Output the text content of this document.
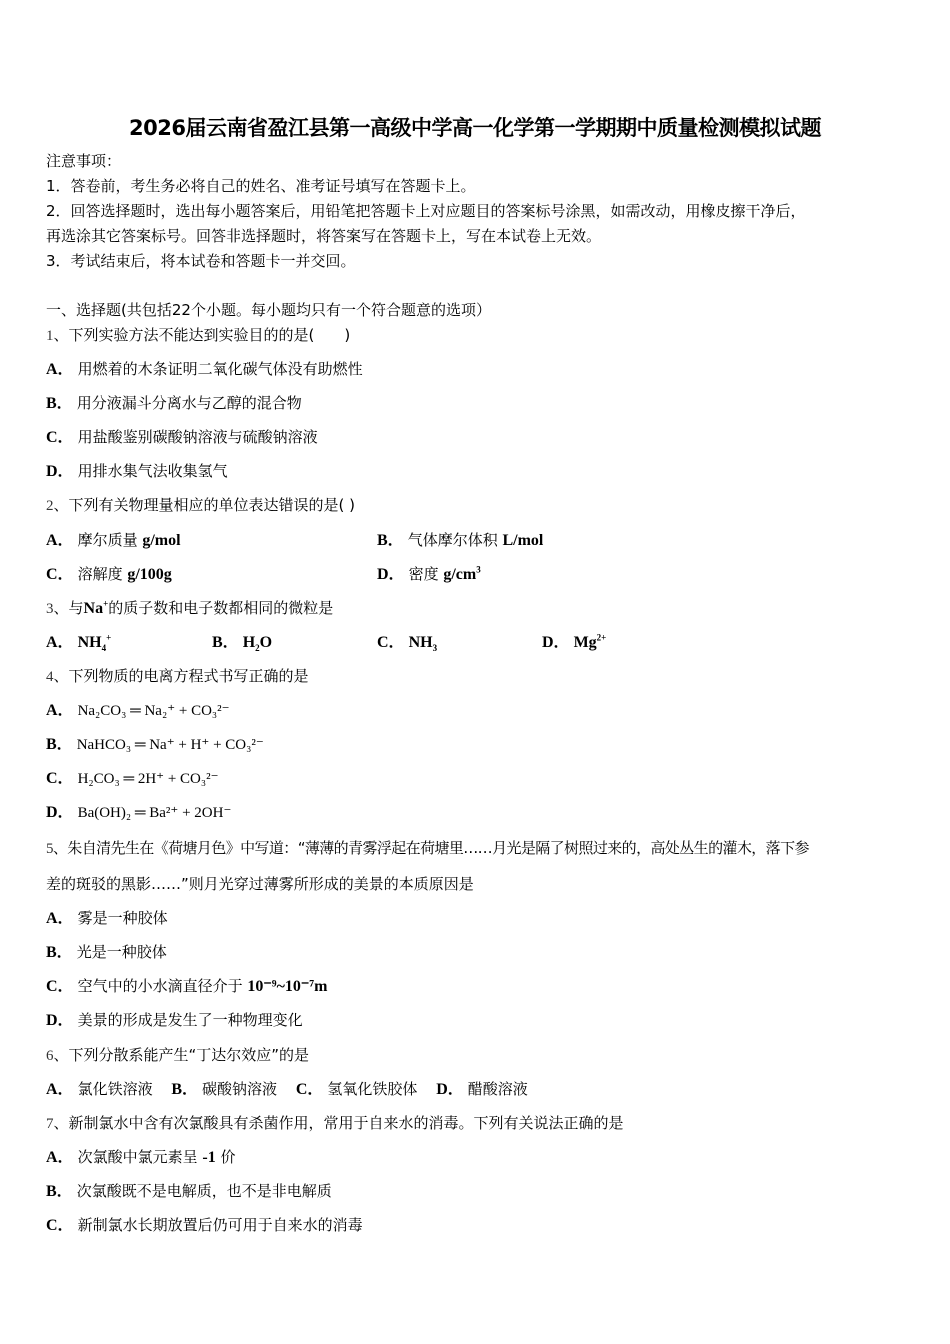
2026届云南省盈江县第一高级中学高一化学第一学期期中质量检测模拟试题
注意事项：
1．答卷前，考生务必将自己的姓名、准考证号填写在答题卡上。
2．回答选择题时，选出每小题答案后，用铅笔把答题卡上对应题目的答案标号涂黑，如需改动，用橡皮擦干净后，
再选涂其它答案标号。回答非选择题时，将答案写在答题卡上，写在本试卷上无效。
3．考试结束后，将本试卷和答题卡一并交回。
一、选择题(共包括22个小题。每小题均只有一个符合题意的选项）
1、下列实验方法不能达到实验目的的是(　　)
A． 用燃着的木条证明二氧化碳气体没有助燃性
B． 用分液漏斗分离水与乙醇的混合物
C． 用盐酸鉴别碳酸钠溶液与硫酸钠溶液
D． 用排水集气法收集氢气
2、下列有关物理量相应的单位表达错误的是( )
A． 摩尔质量 g/mol	B． 气体摩尔体积 L/mol
C． 溶解度 g/100g	D． 密度 $g/cm^3$
3、与Na+的质子数和电子数都相同的微粒是
A． $NH_4^+$	B． $H_2O$	C． $NH_3$	D． $Mg^{2+}$
4、下列物质的电离方程式书写正确的是
A． Na₂CO₃ ═ Na₂⁺ + CO₃²⁻
B． NaHCO₃ ═ Na⁺ + H⁺ + CO₃²⁻
C． H₂CO₃ ═ 2H⁺ + CO₃²⁻
D． Ba(OH)₂ ═ Ba²⁺ + 2OH⁻
5、朱自清先生在《荷塘月色》中写道：“薄薄的青雾浮起在荷塘里……月光是隔了树照过来的，高处丛生的灌木，落下参
差的斑驳的黑影……”则月光穿过薄雾所形成的美景的本质原因是
A． 雾是一种胶体
B． 光是一种胶体
C． 空气中的小水滴直径介于 10⁻⁹~10⁻⁷m
D． 美景的形成是发生了一种物理变化
6、下列分散系能产生“丁达尔效应”的是
A． 氯化铁溶液 B． 碳酸钠溶液 C． 氢氧化铁胶体 D． 醋酸溶液
7、新制氯水中含有次氯酸具有杀菌作用，常用于自来水的消毒。下列有关说法正确的是
A． 次氯酸中氯元素呈 -1 价
B． 次氯酸既不是电解质，也不是非电解质
C． 新制氯水长期放置后仍可用于自来水的消毒
